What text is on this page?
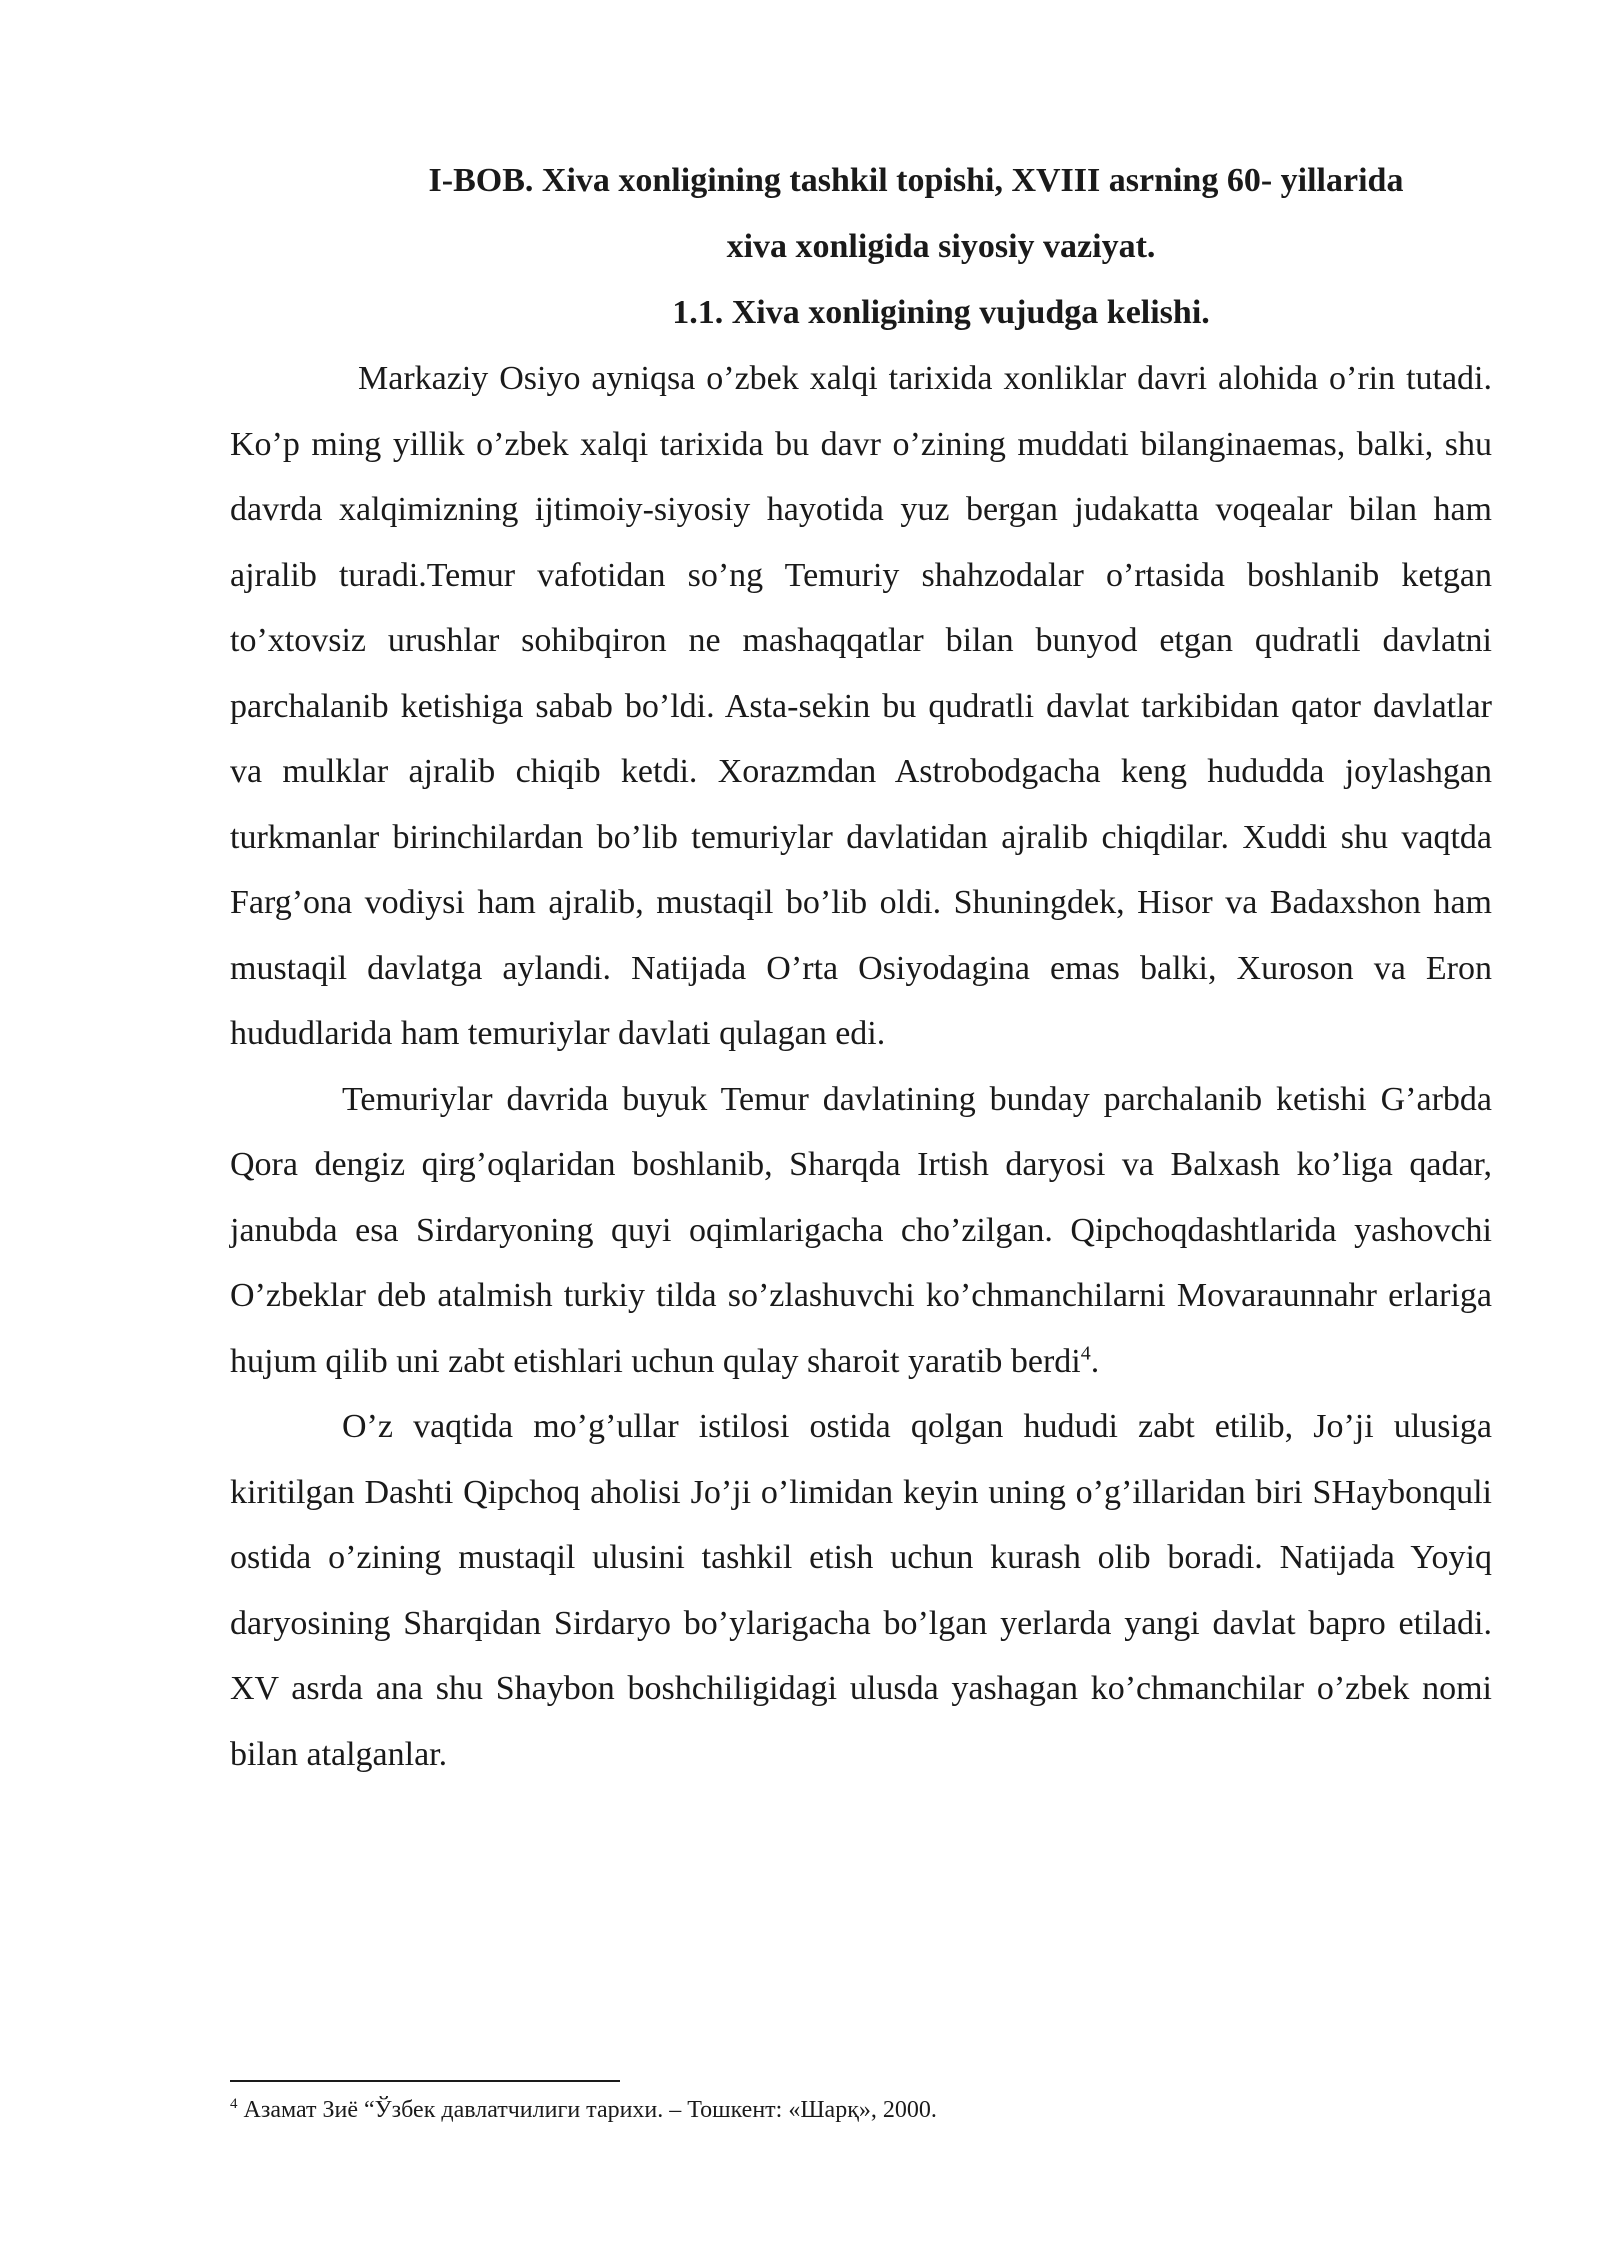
I-BOB. Xiva xonligining tashkil topishi, XVIII asrning 60- yillarida

xiva xonligida siyosiy vaziyat.

1.1. Xiva xonligining vujudga kelishi.

Markaziy Osiyo ayniqsa o’zbek xalqi tarixida xonliklar davri alohida o’rin tutadi. Ko’p ming yillik o’zbek xalqi tarixida bu davr o’zining muddati bilanginaemas, balki, shu davrda xalqimizning ijtimoiy-siyosiy hayotida yuz bergan judakatta voqealar bilan ham ajralib turadi.Temur vafotidan so’ng Temuriy shahzodalar o’rtasida boshlanib ketgan to’xtovsiz urushlar sohibqiron ne mashaqqatlar bilan bunyod etgan qudratli davlatni parchalanib ketishiga sabab bo’ldi. Asta-sekin bu qudratli davlat tarkibidan qator davlatlar va mulklar ajralib chiqib ketdi. Xorazmdan Astrobodgacha keng hududda joylashgan turkmanlar birinchilardan bo’lib temuriylar davlatidan ajralib chiqdilar. Xuddi shu vaqtda Farg’ona vodiysi ham ajralib, mustaqil bo’lib oldi. Shuningdek, Hisor va Badaxshon ham mustaqil davlatga aylandi. Natijada O’rta Osiyodagina emas balki, Xuroson va Eron hududlarida ham temuriylar davlati qulagan edi.

Temuriylar davrida buyuk Temur davlatining bunday parchalanib ketishi G’arbda Qora dengiz qirg’oqlaridan boshlanib, Sharqda Irtish daryosi va Balxash ko’liga qadar, janubda esa Sirdaryoning quyi oqimlarigacha cho’zilgan. Qipchoqdashtlarida yashovchi O’zbeklar deb atalmish turkiy tilda so’zlashuvchi ko’chmanchilarni Movaraunnahr erlariga hujum qilib uni zabt etishlari uchun qulay sharoit yaratib berdi$^4$.

O’z vaqtida mo’g’ullar istilosi ostida qolgan hududi zabt etilib, Jo’ji ulusiga kiritilgan Dashti Qipchoq aholisi Jo’ji o’limidan keyin uning o’g’illaridan biri SHaybonquli ostida o’zining mustaqil ulusini tashkil etish uchun kurash olib boradi. Natijada Yoyiq daryosining Sharqidan Sirdaryo bo’ylarigacha bo’lgan yerlarda yangi davlat bapro etiladi. XV asrda ana shu Shaybon boshchiligidagi ulusda yashagan ko’chmanchilar o’zbek nomi bilan atalganlar.

$^4$ Азамат Зиё “Ўзбек давлатчилиги тарихи. – Тошкент: «Шарқ», 2000.
